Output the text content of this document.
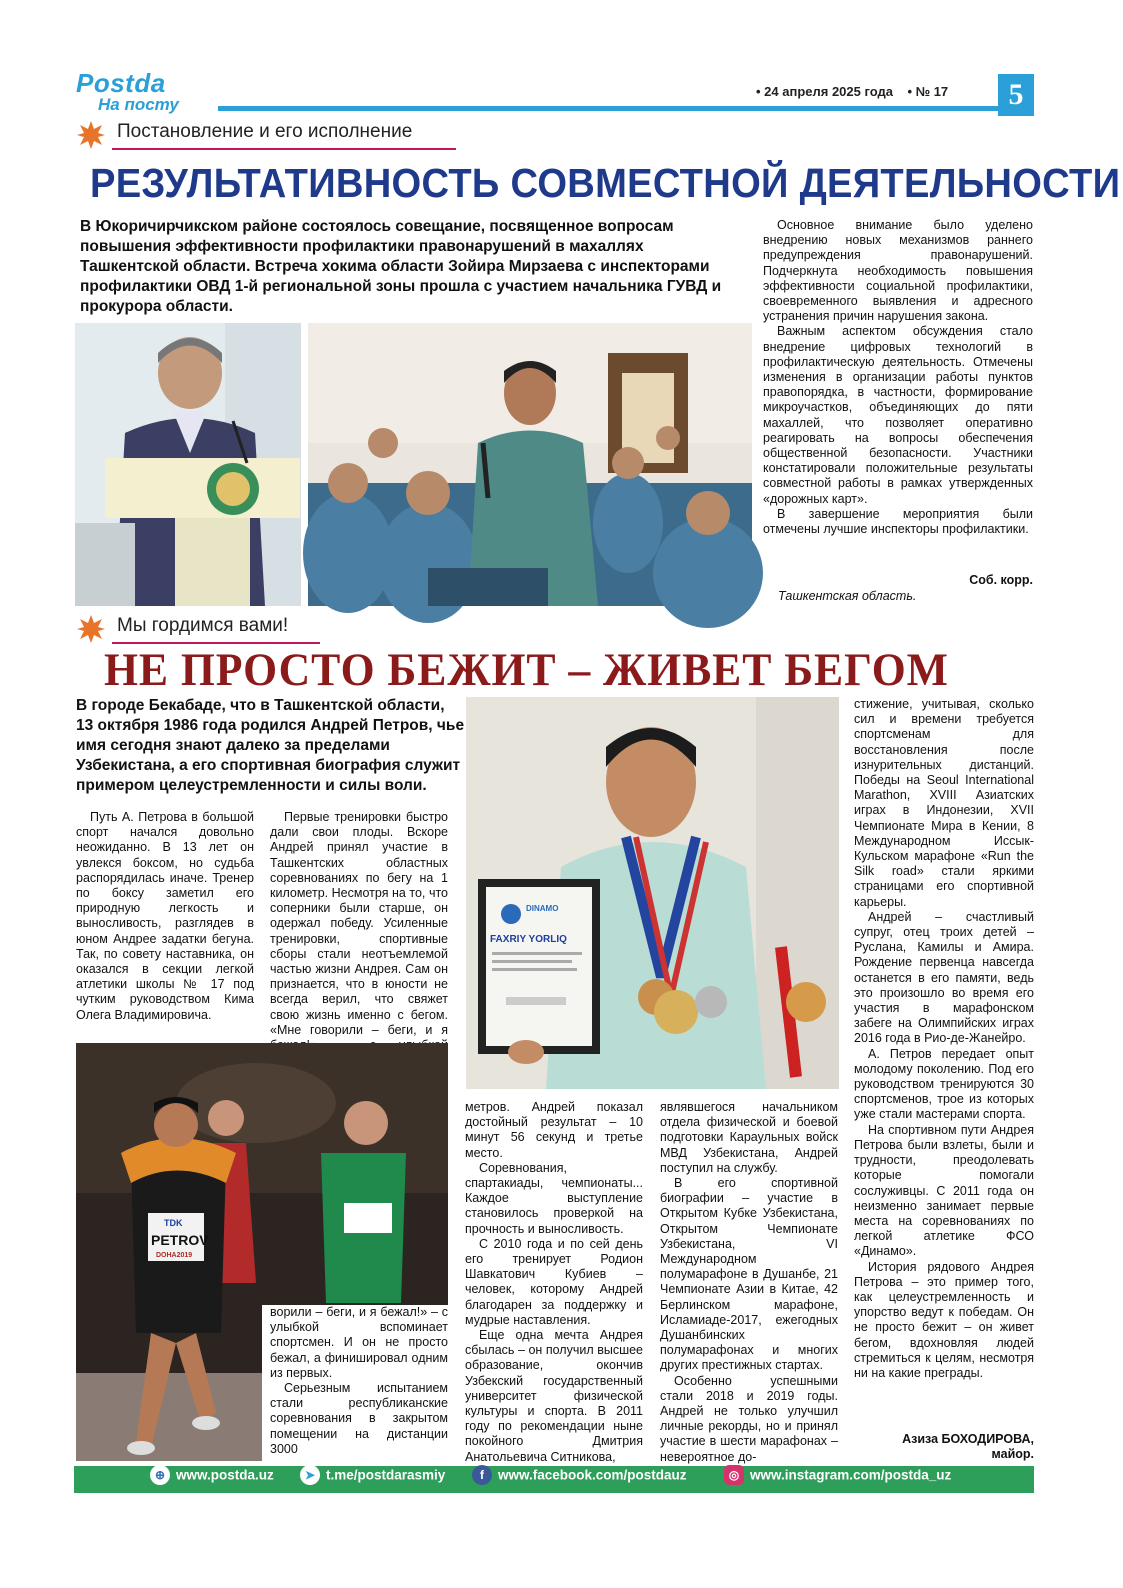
Postda
На посту
• 24 апреля 2025 года • № 17	5
Постановление и его исполнение
РЕЗУЛЬТАТИВНОСТЬ СОВМЕСТНОЙ ДЕЯТЕЛЬНОСТИ
В Юкоричирчикском районе состоялось совещание, посвященное вопросам повышения эффективности профилактики правонарушений в махаллях Ташкентской области. Встреча хокима области Зойира Мирзаева с инспекторами профилактики ОВД 1-й региональной зоны прошла с участием начальника ГУВД и прокурора области.

Основное внимание было уделено внедрению новых механизмов раннего предупреждения правонарушений. Подчеркнута необходимость повышения эффективности социальной профилактики, своевременного выявления и адресного устранения причин нарушения закона.

Важным аспектом обсуждения стало внедрение цифровых технологий в профилактическую деятельность. Отмечены изменения в организации работы пунктов правопорядка, в частности, формирование микроучастков, объединяющих до пяти махаллей, что позволяет оперативно реагировать на вопросы обеспечения общественной безопасности. Участники констатировали положительные результаты совместной работы в рамках утвержденных «дорожных карт».

В завершение мероприятия были отмечены лучшие инспекторы профилактики.

Соб. корр.
Ташкентская область.
Мы гордимся вами!
НЕ ПРОСТО БЕЖИТ – ЖИВЕТ БЕГОМ
В городе Бекабаде, что в Ташкентской области, 13 октября 1986 года родился Андрей Петров, чье имя сегодня знают далеко за пределами Узбекистана, а его спортивная биография служит примером целеустремленности и силы воли.
DINAMO
FAXRIY YORLIQ

Путь А. Петрова в большой спорт начался довольно неожиданно. В 13 лет он увлекся боксом, но судьба распорядилась иначе. Тренер по боксу заметил его природную легкость и выносливость, разглядев в юном Андрее задатки бегуна. Так, по совету наставника, он оказался в секции легкой атлетики школы № 17 под чутким руководством Кима Олега Владимировича.

Первые тренировки быстро дали свои плоды. Вскоре Андрей принял участие в Ташкентских областных соревнованиях по бегу на 1 километр. Несмотря на то, что соперники были старше, он одержал победу. Усиленные тренировки, спортивные сборы стали неотъемлемой частью жизни Андрея. Сам он признается, что в юности не всегда верил, что свяжет свою жизнь именно с бегом. «Мне говорили – беги, и я

TDK
PETROV
DOHA2019

ворили – беги, и я бежал!» – с улыбкой вспоминает спортсмен. И он не просто бежал, а финишировал одним из первых.

Серьезным испытанием стали республиканские соревнования в закрытом помещении на дистанции 3000

метров. Андрей показал достойный результат – 10 минут 56 секунд и третье место.

Соревнования, спартакиады, чемпионаты... Каждое выступление становилось проверкой на прочность и выносливость.

С 2010 года и по сей день его тренирует Родион Шавкатович Кубиев – человек, которому Андрей благодарен за поддержку и мудрые наставления.

Еще одна мечта Андрея сбылась – он получил высшее образование, окончив Узбекский государственный университет физической культуры и спорта. В 2011 году по рекомендации ныне покойного Дмитрия Анатольевича Ситникова,

являвшегося начальником отдела физической и боевой подготовки Караульных войск МВД Узбекистана, Андрей поступил на службу.

В его спортивной биографии – участие в Открытом Кубке Узбекистана, Открытом Чемпионате Узбекистана, VI Международном полумарафоне в Душанбе, 21 Чемпионате Азии в Китае, 42 Берлинском марафоне, Исламиаде-2017, ежегодных Душанбинских полумарафонах и многих других престижных стартах.

Особенно успешными стали 2018 и 2019 годы. Андрей не только улучшил личные рекорды, но и принял участие в шести марафонах – невероятное до-

стижение, учитывая, сколько сил и времени требуется спортсменам для восстановления после изнурительных дистанций. Победы на Seoul International Marathon, XVIII Азиатских играх в Индонезии, XVII Чемпионате Мира в Кении, 8 Международном Иссык-Кульском марафоне «Run the Silk road» стали яркими страницами его спортивной карьеры.

Андрей – счастливый супруг, отец троих детей – Руслана, Камилы и Амира. Рождение первенца навсегда останется в его памяти, ведь это произошло во время его участия в марафонском забеге на Олимпийских играх 2016 года в Рио-де-Жанейро.

А. Петров передает опыт молодому поколению. Под его руководством тренируются 30 спортсменов, трое из которых уже стали мастерами спорта.

На спортивном пути Андрея Петрова были взлеты, были и трудности, преодолевать которые помогали сослуживцы. С 2011 года он неизменно занимает первые места на соревнованиях по легкой атлетике ФСО «Динамо».

История рядового Андрея Петрова – это пример того, как целеустремленность и упорство ведут к победам. Он не просто бежит – он живет бегом, вдохновляя людей стремиться к целям, несмотря ни на какие преграды.

Азиза БОХОДИРОВА,
майор.
⊕ www.postda.uz	➤ t.me/postdarasmiy	f www.facebook.com/postdauz	◎ www.instagram.com/postda_uz
